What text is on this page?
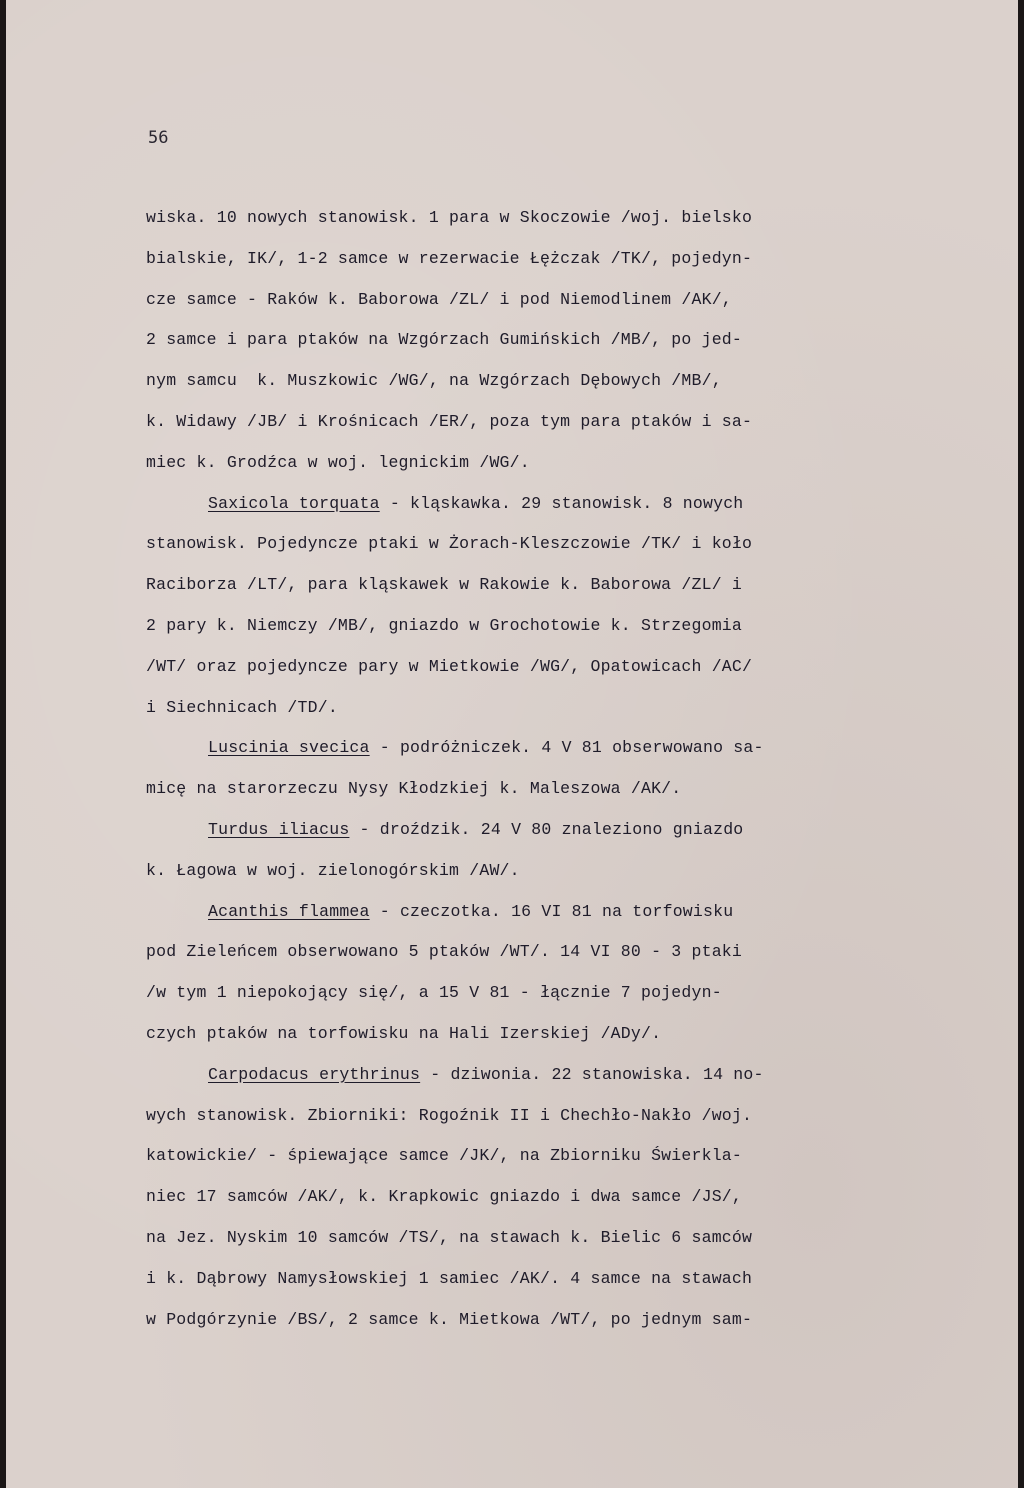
56
wiska. 10 nowych stanowisk. 1 para w Skoczowie /woj. bielsko
bialskie, IK/, 1-2 samce w rezerwacie Łężczak /TK/, pojedyn-
cze samce - Raków k. Baborowa /ZL/ i pod Niemodlinem /AK/,
2 samce i para ptaków na Wzgórzach Gumińskich /MB/, po jed-
nym samcu  k. Muszkowic /WG/, na Wzgórzach Dębowych /MB/,
k. Widawy /JB/ i Krośnicach /ER/, poza tym para ptaków i sa-
miec k. Grodźca w woj. legnickim /WG/.
Saxicola torquata - kląskawka. 29 stanowisk. 8 nowych
stanowisk. Pojedyncze ptaki w Żorach-Kleszczowie /TK/ i koło
Raciborza /LT/, para kląskawek w Rakowie k. Baborowa /ZL/ i
2 pary k. Niemczy /MB/, gniazdo w Grochotowie k. Strzegomia
/WT/ oraz pojedyncze pary w Mietkowie /WG/, Opatowicach /AC/
i Siechnicach /TD/.
Luscinia svecica - podróżniczek. 4 V 81 obserwowano sa-
micę na starorzeczu Nysy Kłodzkiej k. Maleszowa /AK/.
Turdus iliacus - droździk. 24 V 80 znaleziono gniazdo
k. Łagowa w woj. zielonogórskim /AW/.
Acanthis flammea - czeczotka. 16 VI 81 na torfowisku
pod Zieleńcem obserwowano 5 ptaków /WT/. 14 VI 80 - 3 ptaki
/w tym 1 niepokojący się/, a 15 V 81 - łącznie 7 pojedyn-
czych ptaków na torfowisku na Hali Izerskiej /ADy/.
Carpodacus erythrinus - dziwonia. 22 stanowiska. 14 no-
wych stanowisk. Zbiorniki: Rogoźnik II i Chechło-Nakło /woj.
katowickie/ - śpiewające samce /JK/, na Zbiorniku Świerkla-
niec 17 samców /AK/, k. Krapkowic gniazdo i dwa samce /JS/,
na Jez. Nyskim 10 samców /TS/, na stawach k. Bielic 6 samców
i k. Dąbrowy Namysłowskiej 1 samiec /AK/. 4 samce na stawach
w Podgórzynie /BS/, 2 samce k. Mietkowa /WT/, po jednym sam-
